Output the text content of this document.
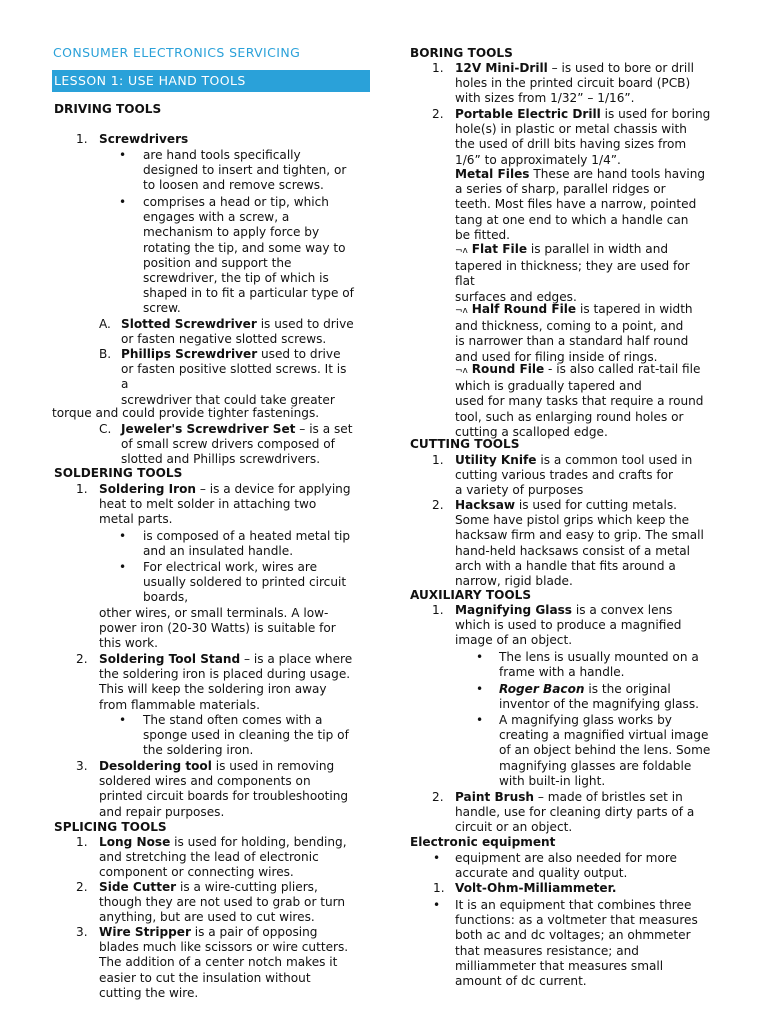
CONSUMER ELECTRONICS SERVICING
LESSON 1: USE HAND TOOLS
DRIVING TOOLS
1. Screwdrivers
•
are hand tools specifically
designed to insert and tighten, or
to loosen and remove screws.
•
comprises a head or tip, which
engages with a screw, a
mechanism to apply force by
rotating the tip, and some way to
position and support the
screwdriver, the tip of which is
shaped in to fit a particular type of
screw.
A. Slotted Screwdriver is used to drive
or fasten negative slotted screws.
B. Phillips Screwdriver used to drive
or fasten positive slotted screws. It is
a
screwdriver that could take greater
torque and could provide tighter fastenings.
C. Jeweler's Screwdriver Set – is a set
of small screw drivers composed of
slotted and Phillips screwdrivers.
SOLDERING TOOLS
1. Soldering Iron – is a device for applying
heat to melt solder in attaching two
metal parts.
•
is composed of a heated metal tip
and an insulated handle.
•
For electrical work, wires are
usually soldered to printed circuit
boards,
other wires, or small terminals. A low-
power iron (20-30 Watts) is suitable for
this work.
2. Soldering Tool Stand – is a place where
the soldering iron is placed during usage.
This will keep the soldering iron away
from flammable materials.
•
The stand often comes with a
sponge used in cleaning the tip of
the soldering iron.
3. Desoldering tool is used in removing
soldered wires and components on
printed circuit boards for troubleshooting
and repair purposes.
SPLICING TOOLS
1. Long Nose is used for holding, bending,
and stretching the lead of electronic
component or connecting wires.
2. Side Cutter is a wire-cutting pliers,
though they are not used to grab or turn
anything, but are used to cut wires.
3. Wire Stripper is a pair of opposing
blades much like scissors or wire cutters.
The addition of a center notch makes it
easier to cut the insulation without
cutting the wire.
BORING TOOLS
1. 12V Mini-Drill – is used to bore or drill
holes in the printed circuit board (PCB)
with sizes from 1/32” – 1/16”.
2. Portable Electric Drill is used for boring
hole(s) in plastic or metal chassis with
the used of drill bits having sizes from
1/6” to approximately 1/4”.
Metal Files These are hand tools having
a series of sharp, parallel ridges or
teeth. Most files have a narrow, pointed
tang at one end to which a handle can
be fitted.
¬ʌ Flat File is parallel in width and
tapered in thickness; they are used for
flat
surfaces and edges.
¬ʌ Half Round File is tapered in width
and thickness, coming to a point, and
is narrower than a standard half round
and used for filing inside of rings.
¬ʌ Round File - is also called rat-tail file
which is gradually tapered and
used for many tasks that require a round
tool, such as enlarging round holes or
cutting a scalloped edge.
CUTTING TOOLS
1. Utility Knife is a common tool used in
cutting various trades and crafts for
a variety of purposes
2. Hacksaw is used for cutting metals.
Some have pistol grips which keep the
hacksaw firm and easy to grip. The small
hand-held hacksaws consist of a metal
arch with a handle that fits around a
narrow, rigid blade.
AUXILIARY TOOLS
1. Magnifying Glass is a convex lens
which is used to produce a magnified
image of an object.
•
The lens is usually mounted on a
frame with a handle.
•
Roger Bacon is the original
inventor of the magnifying glass.
•
A magnifying glass works by
creating a magnified virtual image
of an object behind the lens. Some
magnifying glasses are foldable
with built-in light.
2. Paint Brush – made of bristles set in
handle, use for cleaning dirty parts of a
circuit or an object.
Electronic equipment
•
equipment are also needed for more
accurate and quality output.
1. Volt-Ohm-Milliammeter.
•
It is an equipment that combines three
functions: as a voltmeter that measures
both ac and dc voltages; an ohmmeter
that measures resistance; and
milliammeter that measures small
amount of dc current.
